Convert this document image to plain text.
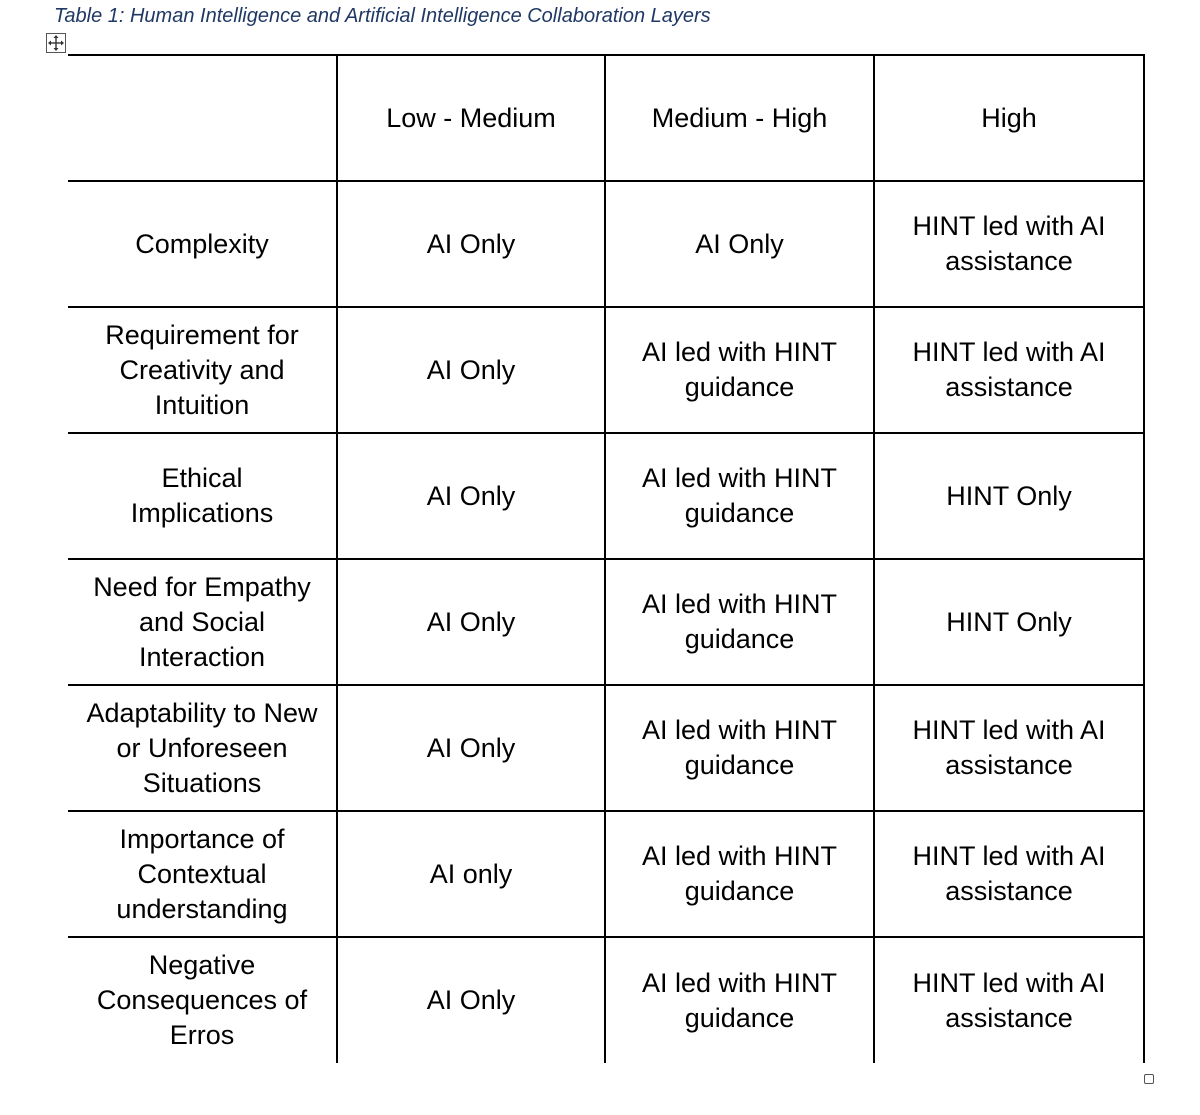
Table 1: Human Intelligence and Artificial Intelligence Collaboration Layers
	Low - Medium	Medium - High	High
Complexity	AI Only	AI Only	HINT led with AI assistance
Requirement for Creativity and Intuition	AI Only	AI led with HINT guidance	HINT led with AI assistance
Ethical Implications	AI Only	AI led with HINT guidance	HINT Only
Need for Empathy and Social Interaction	AI Only	AI led with HINT guidance	HINT Only
Adaptability to New or Unforeseen Situations	AI Only	AI led with HINT guidance	HINT led with AI assistance
Importance of Contextual understanding	AI only	AI led with HINT guidance	HINT led with AI assistance
Negative Consequences of Erros	AI Only	AI led with HINT guidance	HINT led with AI assistance
